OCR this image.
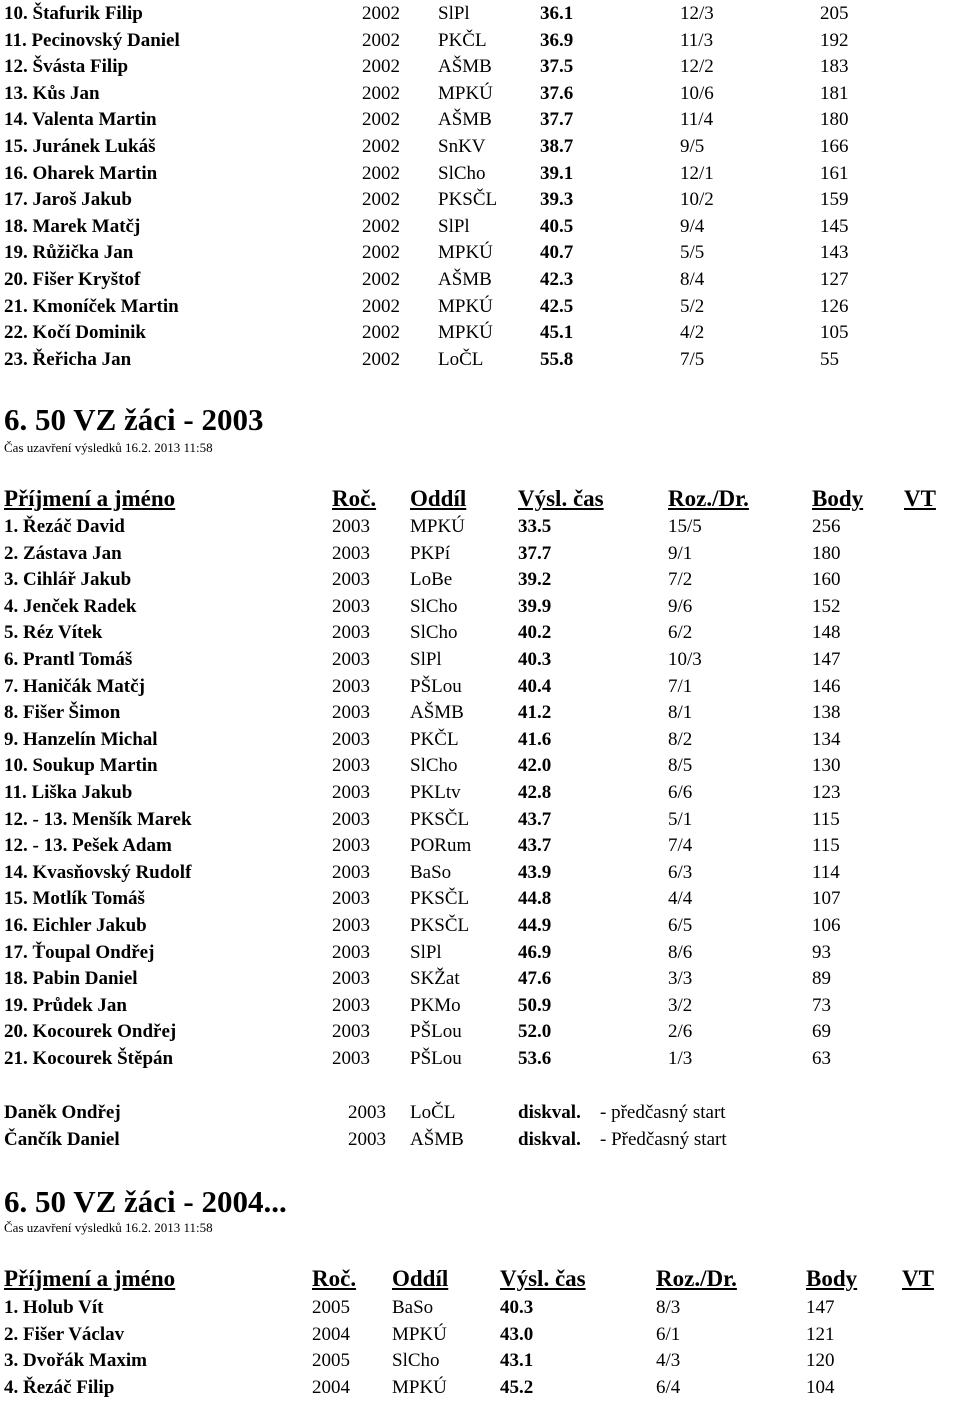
10. Štafurik Filip	2002 SlPl	36.1	12/3	205
11. Pecinovský Daniel	2002 PKČL	36.9	11/3	192
12. Švásta Filip	2002 AŠMB	37.5	12/2	183
13. Kůs Jan	2002 MPKÚ 37.6	10/6	181
14. Valenta Martin	2002 AŠMB	37.7	11/4	180
15. Juránek Lukáš	2002 SnKV	38.7	9/5	166
16. Oharek Martin	2002 SlCho	39.1	12/1	161
17. Jaroš Jakub	2002 PKSČL 39.3	10/2	159
18. Marek Matčj	2002 SlPl	40.5	9/4	145
19. Růžička Jan	2002 MPKÚ 40.7	5/5	143
20. Fišer Kryštof	2002 AŠMB	42.3	8/4	127
21. Kmoníček Martin	2002 MPKÚ 42.5	5/2	126
22. Kočí Dominik	2002 MPKÚ 45.1	4/2	105
23. Řeřicha Jan	2002 LoČL	55.8	7/5	55
6. 50 VZ žáci - 2003
Čas uzavření výsledků 16.2. 2013 11:58
Příjmení a jméno	Roč. Oddíl Výsl. čas	Roz./Dr.	Body VT
1. Řezáč David	2003 MPKÚ	33.5	15/5	256
2. Zástava Jan	2003 PKPí	37.7	9/1	180
3. Cihlář Jakub	2003 LoBe	39.2	7/2	160
4. Jenček Radek	2003 SlCho	39.9	9/6	152
5. Réz Vítek	2003 SlCho	40.2	6/2	148
6. Prantl Tomáš	2003 SlPl	40.3	10/3	147
7. Haničák Matčj	2003 PŠLou	40.4	7/1	146
8. Fišer Šimon	2003 AŠMB	41.2	8/1	138
9. Hanzelín Michal	2003 PKČL	41.6	8/2	134
10. Soukup Martin	2003 SlCho	42.0	8/5	130
11. Liška Jakub	2003 PKLtv	42.8	6/6	123
12. - 13. Menšík Marek	2003 PKSČL	43.7	5/1	115
12. - 13. Pešek Adam	2003 PORum 43.7	7/4	115
14. Kvasňovský Rudolf	2003 BaSo	43.9	6/3	114
15. Motlík Tomáš	2003 PKSČL	44.8	4/4	107
16. Eichler Jakub	2003 PKSČL	44.9	6/5	106
17. Ťoupal Ondřej	2003 SlPl	46.9	8/6	93
18. Pabin Daniel	2003 SKŽat	47.6	3/3	89
19. Průdek Jan	2003 PKMo	50.9	3/2	73
20. Kocourek Ondřej	2003 PŠLou	52.0	2/6	69
21. Kocourek Štěpán	2003 PŠLou	53.6	1/3	63
Daněk Ondřej	2003 LoČL	diskval. - předčasný start
Čančík Daniel	2003 AŠMB	diskval. - Předčasný start
6. 50 VZ žáci - 2004...
Čas uzavření výsledků 16.2. 2013 11:58
Příjmení a jméno	Roč. Oddíl Výsl. čas	Roz./Dr.	Body VT
1. Holub Vít	2005 BaSo	40.3	8/3	147
2. Fišer Václav	2004 MPKÚ	43.0	6/1	121
3. Dvořák Maxim	2005 SlCho	43.1	4/3	120
4. Řezáč Filip	2004 MPKÚ	45.2	6/4	104
